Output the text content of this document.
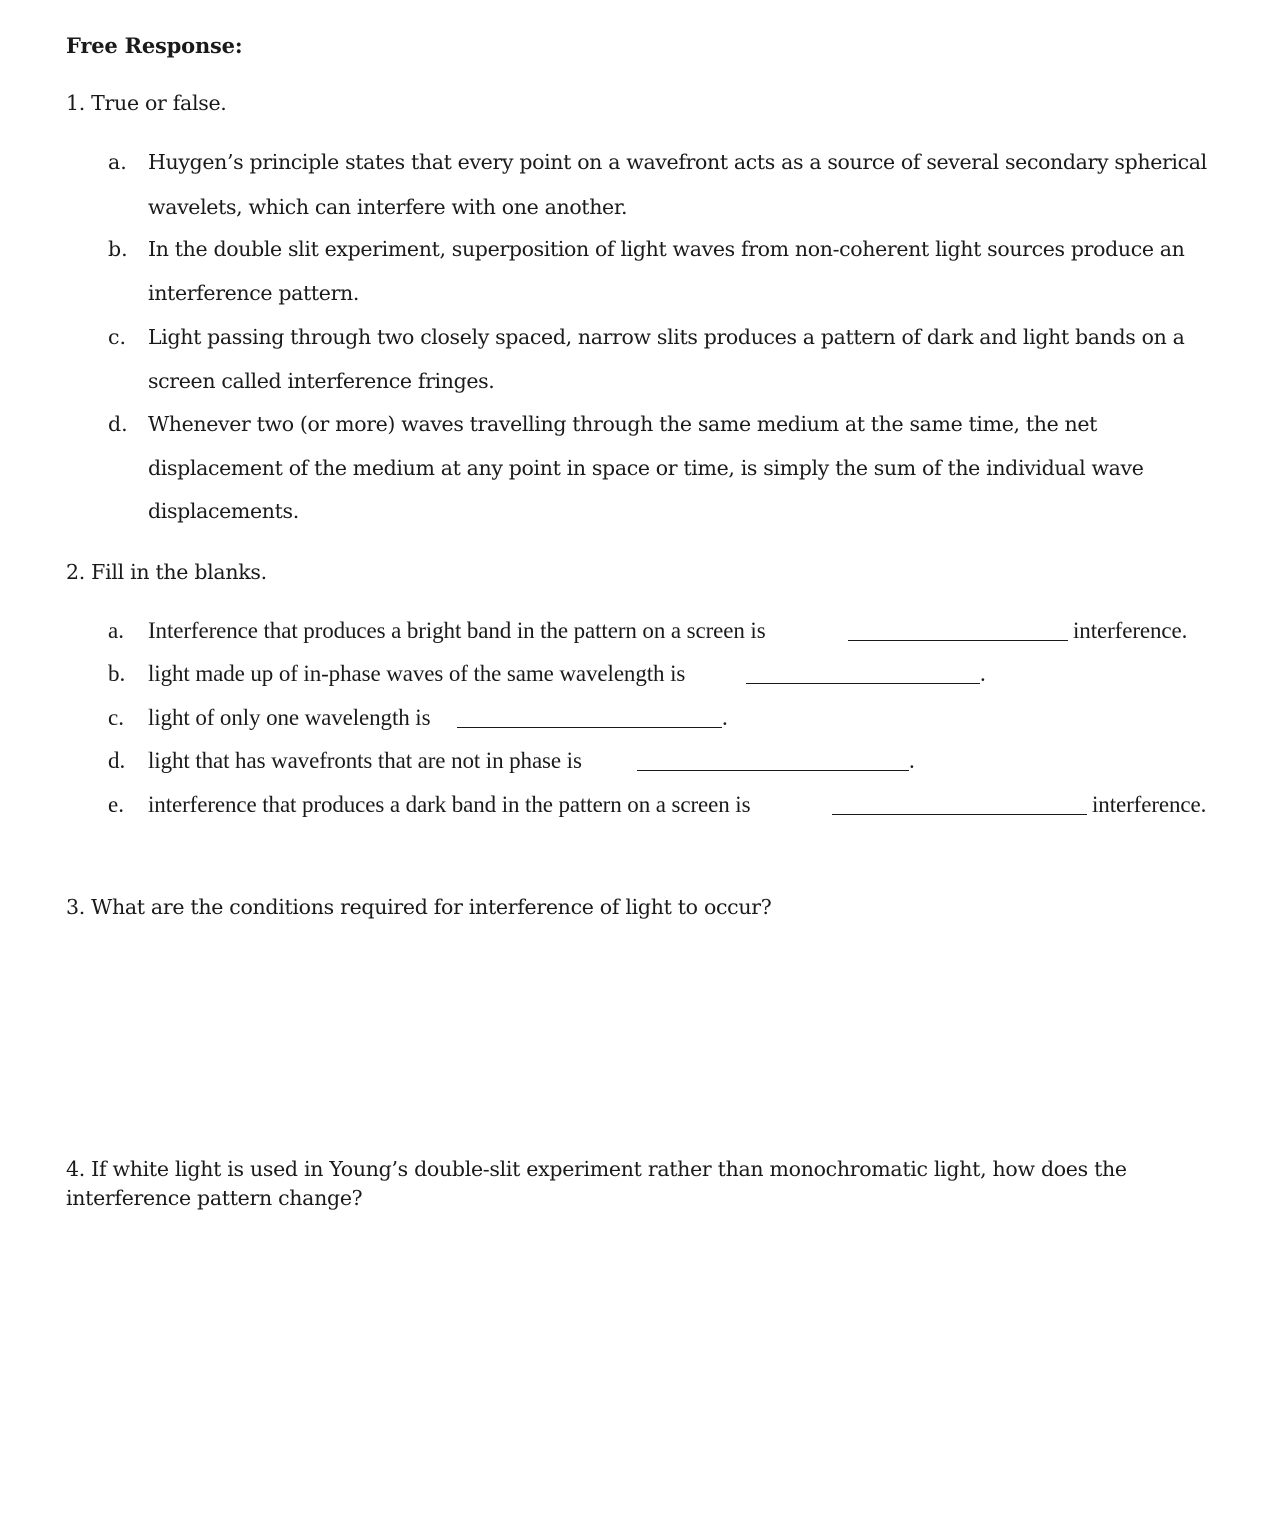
Free Response:
1. True or false.
a. Huygen’s principle states that every point on a wavefront acts as a source of several secondary spherical
wavelets, which can interfere with one another.
b. In the double slit experiment, superposition of light waves from non-coherent light sources produce an
interference pattern.
c. Light passing through two closely spaced, narrow slits produces a pattern of dark and light bands on a
screen called interference fringes.
d. Whenever two (or more) waves travelling through the same medium at the same time, the net
displacement of the medium at any point in space or time, is simply the sum of the individual wave
displacements.
2. Fill in the blanks.
a. Interference that produces a bright band in the pattern on a screen is	interference.
b. light made up of in-phase waves of the same wavelength is	.
c. light of only one wavelength is	.
d. light that has wavefronts that are not in phase is	.
e. interference that produces a dark band in the pattern on a screen is	interference.
3. What are the conditions required for interference of light to occur?
4. If white light is used in Young’s double-slit experiment rather than monochromatic light, how does the
interference pattern change?
